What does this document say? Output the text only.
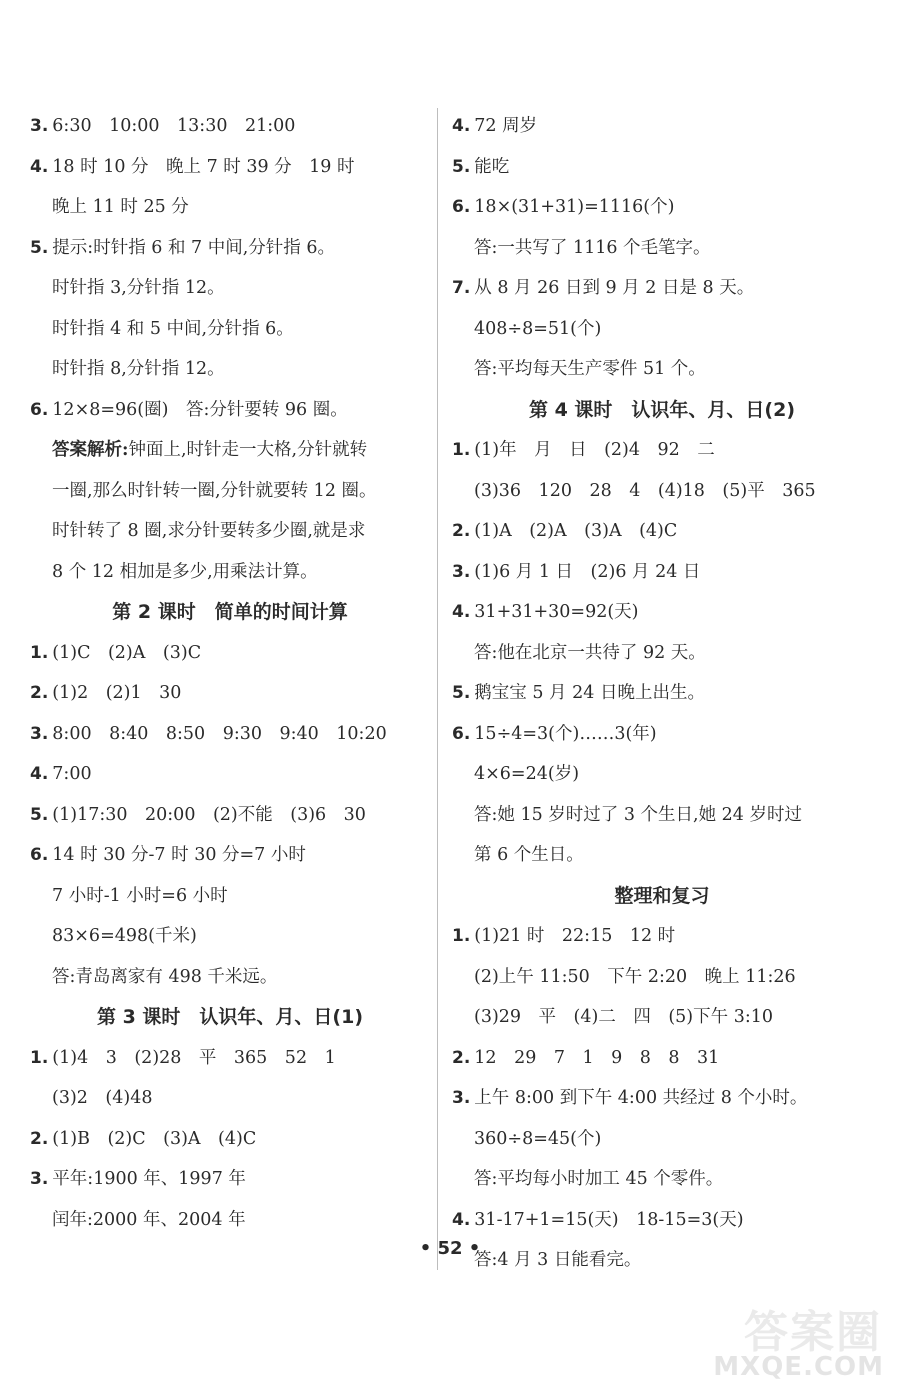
3. 6:30　10:00　13:30　21:00
4. 18 时 10 分　晚上 7 时 39 分　19 时
晚上 11 时 25 分
5. 提示:时针指 6 和 7 中间,分针指 6。
时针指 3,分针指 12。
时针指 4 和 5 中间,分针指 6。
时针指 8,分针指 12。
6. 12×8=96(圈)　答:分针要转 96 圈。
答案解析:钟面上,时针走一大格,分针就转
一圈,那么时针转一圈,分针就要转 12 圈。
时针转了 8 圈,求分针要转多少圈,就是求
8 个 12 相加是多少,用乘法计算。
第 2 课时　简单的时间计算
1. (1)C　(2)A　(3)C
2. (1)2　(2)1　30
3. 8:00　8:40　8:50　9:30　9:40　10:20
4. 7:00
5. (1)17:30　20:00　(2)不能　(3)6　30
6. 14 时 30 分-7 时 30 分=7 小时
7 小时-1 小时=6 小时
83×6=498(千米)
答:青岛离家有 498 千米远。
第 3 课时　认识年、月、日(1)
1. (1)4　3　(2)28　平　365　52　1
(3)2　(4)48
2. (1)B　(2)C　(3)A　(4)C
3. 平年:1900 年、1997 年
闰年:2000 年、2004 年
4. 72 周岁
5. 能吃
6. 18×(31+31)=1116(个)
答:一共写了 1116 个毛笔字。
7. 从 8 月 26 日到 9 月 2 日是 8 天。
408÷8=51(个)
答:平均每天生产零件 51 个。
第 4 课时　认识年、月、日(2)
1. (1)年　月　日　(2)4　92　二
(3)36　120　28　4　(4)18　(5)平　365
2. (1)A　(2)A　(3)A　(4)C
3. (1)6 月 1 日　(2)6 月 24 日
4. 31+31+30=92(天)
答:他在北京一共待了 92 天。
5. 鹅宝宝 5 月 24 日晚上出生。
6. 15÷4=3(个)……3(年)
4×6=24(岁)
答:她 15 岁时过了 3 个生日,她 24 岁时过
第 6 个生日。
整理和复习
1. (1)21 时　22:15　12 时
(2)上午 11:50　下午 2:20　晚上 11:26
(3)29　平　(4)二　四　(5)下午 3:10
2. 12　29　7　1　9　8　8　31
3. 上午 8:00 到下午 4:00 共经过 8 个小时。
360÷8=45(个)
答:平均每小时加工 45 个零件。
4. 31-17+1=15(天)　18-15=3(天)
答:4 月 3 日能看完。
• 52 •
答案圈
MXQE.COM
